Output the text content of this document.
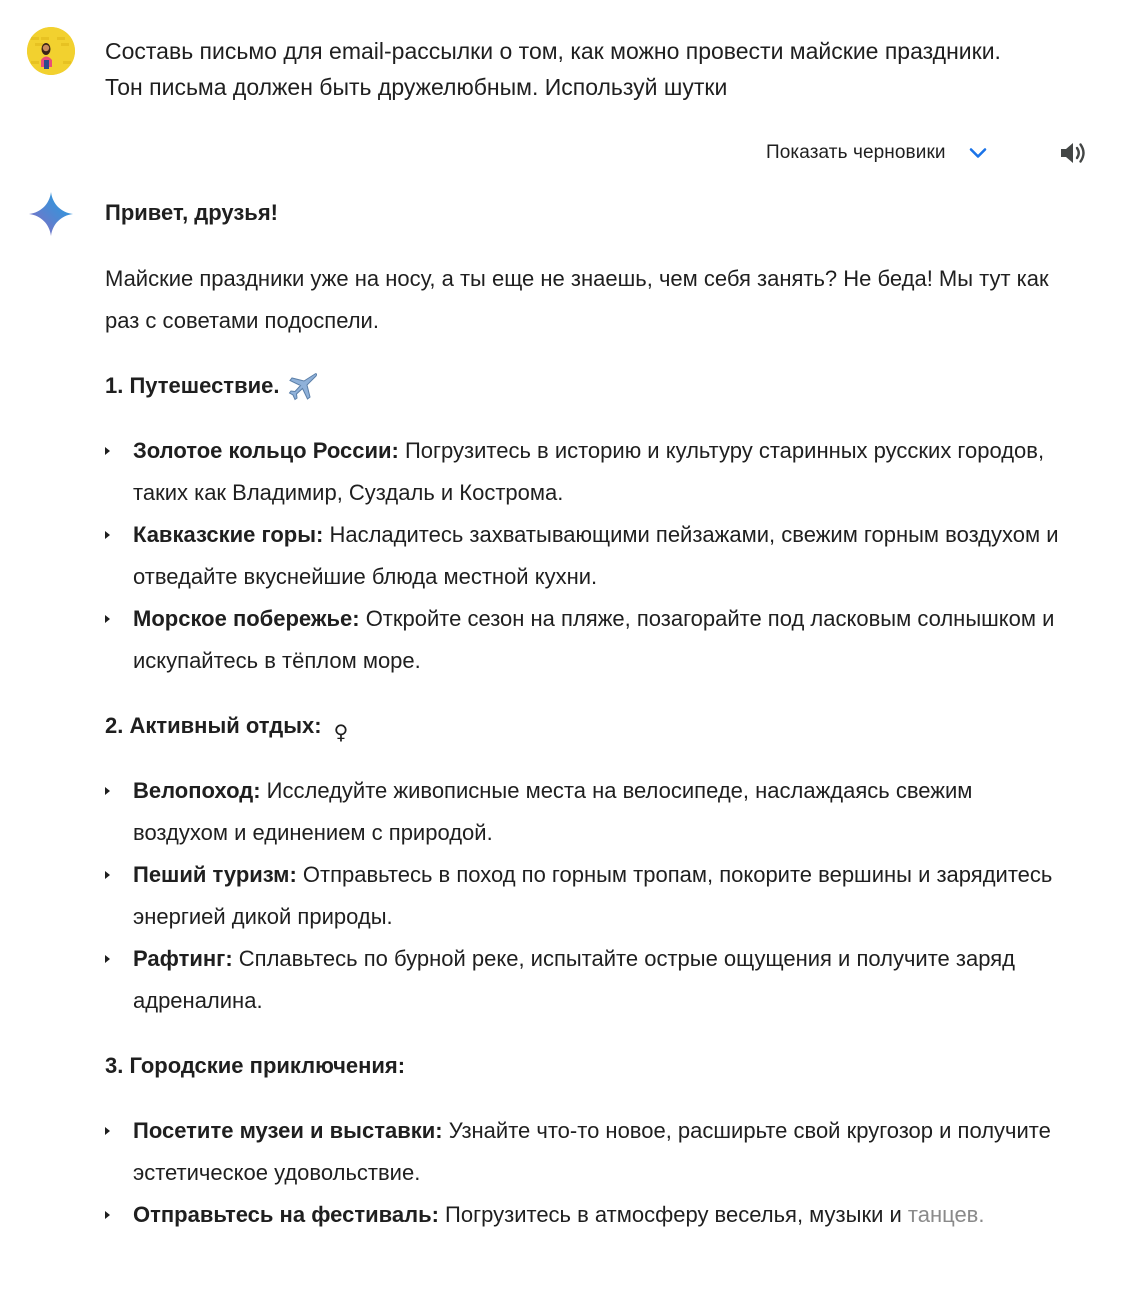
Составь письмо для email-рассылки о том, как можно провести майские праздники. Тон письма должен быть дружелюбным. Используй шутки
Показать черновики

Привет, друзья!

Майские праздники уже на носу, а ты еще не знаешь, чем себя занять? Не беда! Мы тут как раз с советами подоспели.

1. Путешествие.
Золотое кольцо России: Погрузитесь в историю и культуру старинных русских городов, таких как Владимир, Суздаль и Кострома.
Кавказские горы: Насладитесь захватывающими пейзажами, свежим горным воздухом и отведайте вкуснейшие блюда местной кухни.
Морское побережье: Откройте сезон на пляже, позагорайте под ласковым солнышком и искупайтесь в тёплом море.
2. Активный отдых: ♀
Велопоход: Исследуйте живописные места на велосипеде, наслаждаясь свежим воздухом и единением с природой.
Пеший туризм: Отправьтесь в поход по горным тропам, покорите вершины и зарядитесь энергией дикой природы.
Рафтинг: Сплавьтесь по бурной реке, испытайте острые ощущения и получите заряд адреналина.
3. Городские приключения:
Посетите музеи и выставки: Узнайте что-то новое, расширьте свой кругозор и получите эстетическое удовольствие.
Отправьтесь на фестиваль: Погрузитесь в атмосферу веселья, музыки и танцев.
